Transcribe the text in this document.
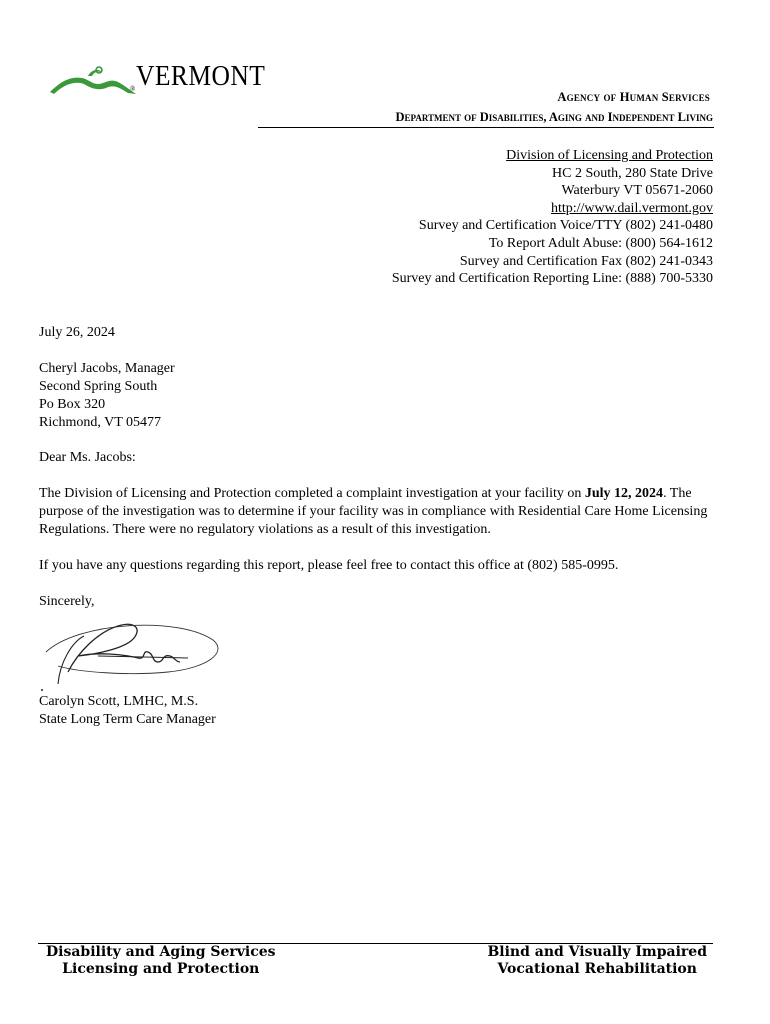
® VERMONT
Agency of Human Services
Department of Disabilities, Aging and Independent Living
Division of Licensing and Protection
HC 2 South, 280 State Drive
Waterbury VT 05671-2060
http://www.dail.vermont.gov
Survey and Certification Voice/TTY (802) 241-0480
To Report Adult Abuse: (800) 564-1612
Survey and Certification Fax (802) 241-0343
Survey and Certification Reporting Line: (888) 700-5330
July 26, 2024
Cheryl Jacobs, Manager
Second Spring South
Po Box 320
Richmond, VT 05477
Dear Ms. Jacobs:
The Division of Licensing and Protection completed a complaint investigation at your facility on July 12, 2024. The purpose of the investigation was to determine if your facility was in compliance with Residential Care Home Licensing Regulations. There were no regulatory violations as a result of this investigation.
If you have any questions regarding this report, please feel free to contact this office at (802) 585-0995.
Sincerely,
Carolyn Scott, LMHC, M.S.
State Long Term Care Manager
Disability and Aging Services
Licensing and Protection
Blind and Visually Impaired
Vocational Rehabilitation
